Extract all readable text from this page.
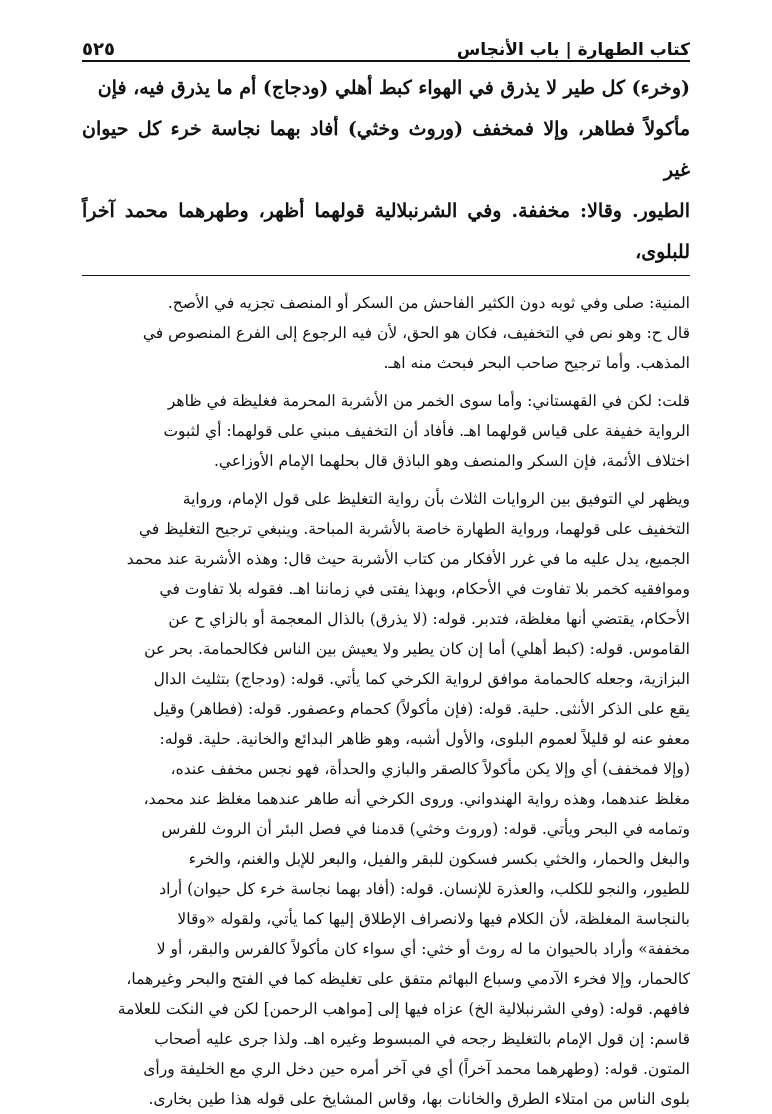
كتاب الطهارة | باب الأنجاس
٥٢٥
(وخرء) كل طير لا يذرق في الهواء كبط أهلي (ودجاج) أم ما يذرق فيه، فإن
مأكولاً فطاهر، وإلا فمخفف (وروث وخثي) أفاد بهما نجاسة خرء كل حيوان غير
الطيور. وقالا: مخففة. وفي الشرنبلالية قولهما أظهر، وطهرهما محمد آخراً للبلوى،
المنية: صلى وفي ثوبه دون الكثير الفاحش من السكر أو المنصف تجزيه في الأصح.
قال ح: وهو نص في التخفيف، فكان هو الحق، لأن فيه الرجوع إلى الفرع المنصوص في
المذهب. وأما ترجيح صاحب البحر فبحث منه اهـ.
قلت: لكن في القهستاني: وأما سوى الخمر من الأشربة المحرمة فغليظة في ظاهر
الرواية خفيفة على قياس قولهما اهـ. فأفاد أن التخفيف مبني على قولهما: أي لثبوت
اختلاف الأئمة، فإن السكر والمنصف وهو الباذق قال بحلهما الإمام الأوزاعي.
ويظهر لي التوفيق بين الروايات الثلاث بأن رواية التغليظ على قول الإمام، ورواية
التخفيف على قولهما، ورواية الطهارة خاصة بالأشربة المباحة. وينبغي ترجيح التغليظ في
الجميع، يدل عليه ما في غرر الأفكار من كتاب الأشربة حيث قال: وهذه الأشربة عند محمد
وموافقيه كخمر بلا تفاوت في الأحكام، وبهذا يفتى في زماننا اهـ. فقوله بلا تفاوت في
الأحكام، يقتضي أنها مغلظة، فتدبر. قوله: (لا يذرق) بالذال المعجمة أو بالزاي ح عن
القاموس. قوله: (كبط أهلي) أما إن كان يطير ولا يعيش بين الناس فكالحمامة. بحر عن
البزازية، وجعله كالحمامة موافق لرواية الكرخي كما يأتي. قوله: (ودجاج) بتثليث الدال
يقع على الذكر الأنثى. حلية. قوله: (فإن مأكولاً) كحمام وعصفور. قوله: (فطاهر) وقيل
معفو عنه لو قليلاً لعموم البلوى، والأول أشبه، وهو ظاهر البدائع والخانية. حلية. قوله:
(وإلا فمخفف) أي وإلا يكن مأكولاً كالصقر والبازي والحدأة، فهو نجس مخفف عنده،
مغلظ عندهما، وهذه رواية الهندواني. وروى الكرخي أنه طاهر عندهما مغلظ عند محمد،
وتمامه في البحر ويأتي. قوله: (وروث وخثي) قدمنا في فصل البئر أن الروث للفرس
والبغل والحمار، والخثي بكسر فسكون للبقر والفيل، والبعر للإبل والغنم، والخرء
للطيور، والنجو للكلب، والعذرة للإنسان. قوله: (أفاد بهما نجاسة خرء كل حيوان) أراد
بالنجاسة المغلظة، لأن الكلام فيها ولانصراف الإطلاق إليها كما يأتي، ولقوله «وقالا
مخففة» وأراد بالحيوان ما له روث أو خثي: أي سواء كان مأكولاً كالفرس والبقر، أو لا
كالحمار، وإلا فخرء الآدمي وسباع البهائم متفق على تغليظه كما في الفتح والبحر وغيرهما،
فافهم. قوله: (وفي الشرنبلالية الخ) عزاه فيها إلى [مواهب الرحمن] لكن في النكت للعلامة
قاسم: إن قول الإمام بالتغليظ رجحه في المبسوط وغيره اهـ. ولذا جرى عليه أصحاب
المتون. قوله: (وطهرهما محمد آخراً) أي في آخر أمره حين دخل الري مع الخليفة ورأى
بلوى الناس من امتلاء الطرق والخانات بها، وقاس المشايخ على قوله هذا طين بخارى.
